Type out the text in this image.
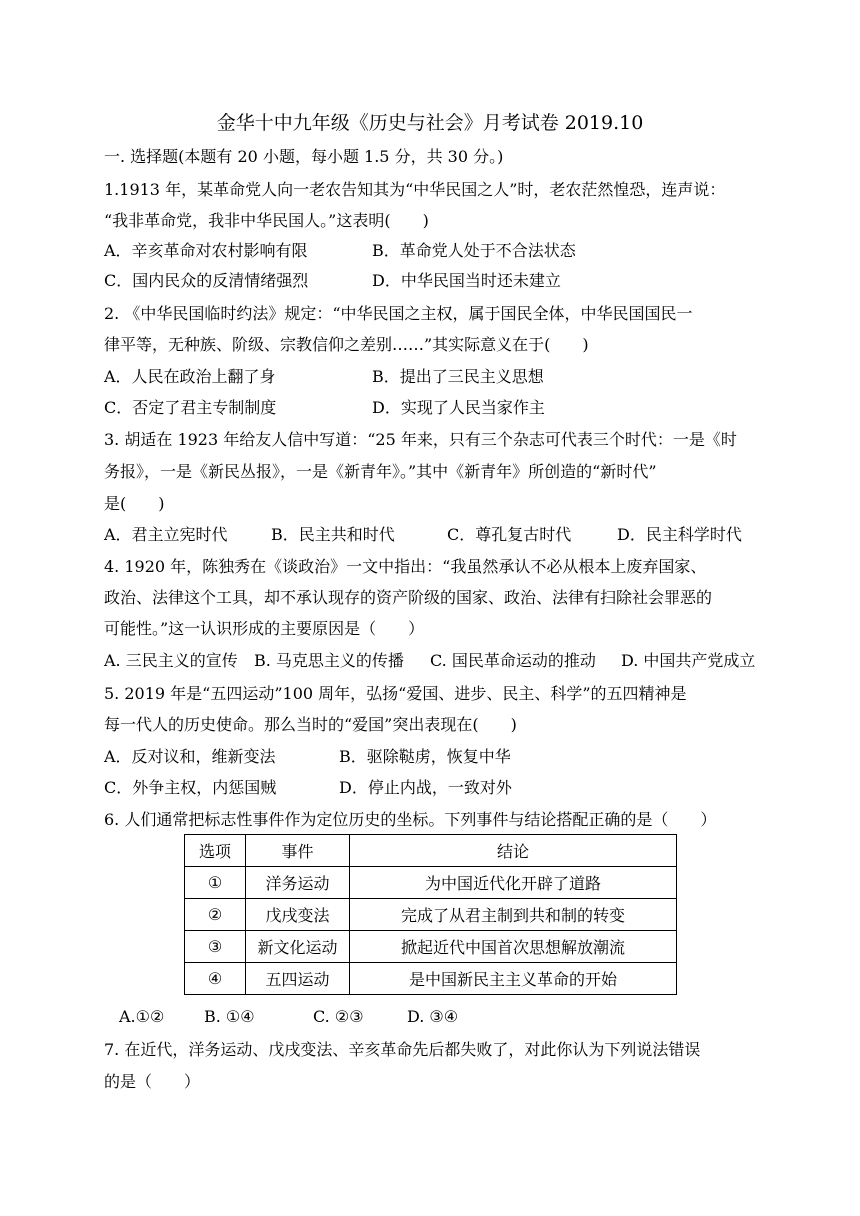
金华十中九年级《历史与社会》月考试卷 2019.10
一. 选择题(本题有 20 小题，每小题 1.5 分，共 30 分。)
1.1913 年，某革命党人向一老农告知其为“中华民国之人”时，老农茫然惶恐，连声说：
“我非革命党，我非中华民国人。”这表明(　　)
A．辛亥革命对农村影响有限	B．革命党人处于不合法状态
C．国内民众的反清情绪强烈	D．中华民国当时还未建立
2. 《中华民国临时约法》规定：“中华民国之主权，属于国民全体，中华民国国民一
律平等，无种族、阶级、宗教信仰之差别……”其实际意义在于(　　)
A．人民在政治上翻了身	B．提出了三民主义思想
C．否定了君主专制制度	D．实现了人民当家作主
3. 胡适在 1923 年给友人信中写道：“25 年来，只有三个杂志可代表三个时代：一是《时
务报》，一是《新民丛报》，一是《新青年》。”其中《新青年》所创造的“新时代”
是(　　)
A．君主立宪时代	B．民主共和时代	C．尊孔复古时代	D．民主科学时代
4. 1920 年，陈独秀在《谈政治》一文中指出：“我虽然承认不必从根本上废弃国家、
政治、法律这个工具，却不承认现存的资产阶级的国家、政治、法律有扫除社会罪恶的
可能性。”这一认识形成的主要原因是（　　）
A. 三民主义的宣传 B. 马克思主义的传播 C. 国民革命运动的推动 D. 中国共产党成立
5. 2019 年是“五四运动”100 周年，弘扬“爱国、进步、民主、科学”的五四精神是
每一代人的历史使命。那么当时的“爱国”突出表现在(　　)
A．反对议和，维新变法	B．驱除鞑虏，恢复中华
C．外争主权，内惩国贼	D．停止内战，一致对外
6. 人们通常把标志性事件作为定位历史的坐标。下列事件与结论搭配正确的是（　　）
选项	事件	结论
①	洋务运动	为中国近代化开辟了道路
②	戊戌变法	完成了从君主制到共和制的转变
③	新文化运动	掀起近代中国首次思想解放潮流
④	五四运动	是中国新民主主义革命的开始
A.①② B. ①④	C. ②③	D. ③④
7. 在近代，洋务运动、戊戌变法、辛亥革命先后都失败了，对此你认为下列说法错误
的是（　　）
